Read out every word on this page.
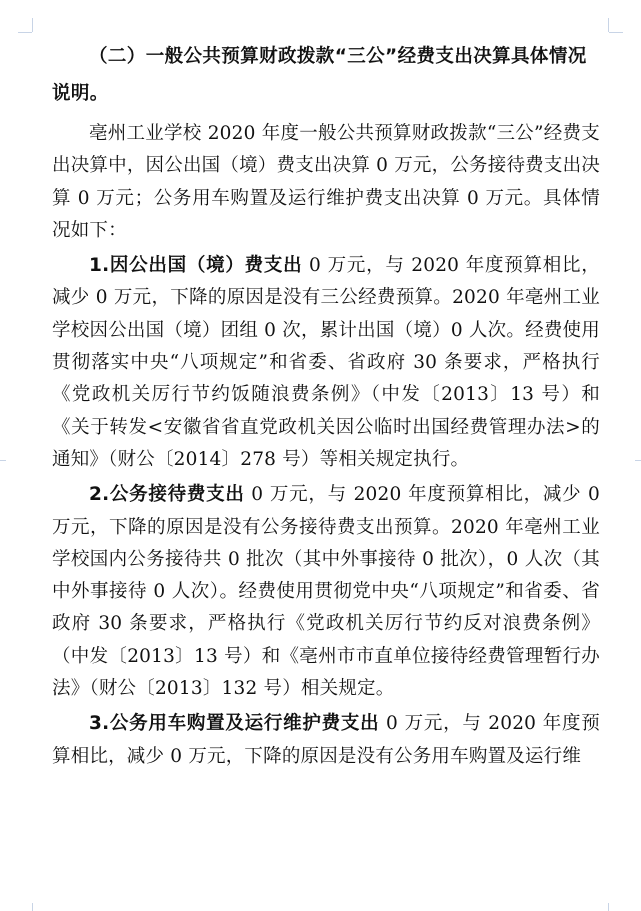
（二）一般公共预算财政拨款“三公”经费支出决算具体情况说明。

亳州工业学校 2020 年度一般公共预算财政拨款“三公”经费支出决算中，因公出国（境）费支出决算 0 万元，公务接待费支出决算 0 万元；公务用车购置及运行维护费支出决算 0 万元。具体情况如下：

1.因公出国（境）费支出 0 万元，与 2020 年度预算相比，减少 0 万元，下降的原因是没有三公经费预算。2020 年亳州工业学校因公出国（境）团组 0 次，累计出国（境）0 人次。经费使用贯彻落实中央“八项规定”和省委、省政府 30 条要求，严格执行《党政机关厉行节约饭随浪费条例》（中发〔2013〕13 号）和《关于转发<安徽省省直党政机关因公临时出国经费管理办法>的通知》（财公〔2014〕278 号）等相关规定执行。

2.公务接待费支出 0 万元，与 2020 年度预算相比，减少 0 万元，下降的原因是没有公务接待费支出预算。2020 年亳州工业学校国内公务接待共 0 批次（其中外事接待 0 批次），0 人次（其中外事接待 0 人次）。经费使用贯彻党中央“八项规定”和省委、省政府 30 条要求，严格执行《党政机关厉行节约反对浪费条例》（中发〔2013〕13 号）和《亳州市市直单位接待经费管理暂行办法》（财公〔2013〕132 号）相关规定。

3.公务用车购置及运行维护费支出 0 万元，与 2020 年度预算相比，减少 0 万元，下降的原因是没有公务用车购置及运行维
